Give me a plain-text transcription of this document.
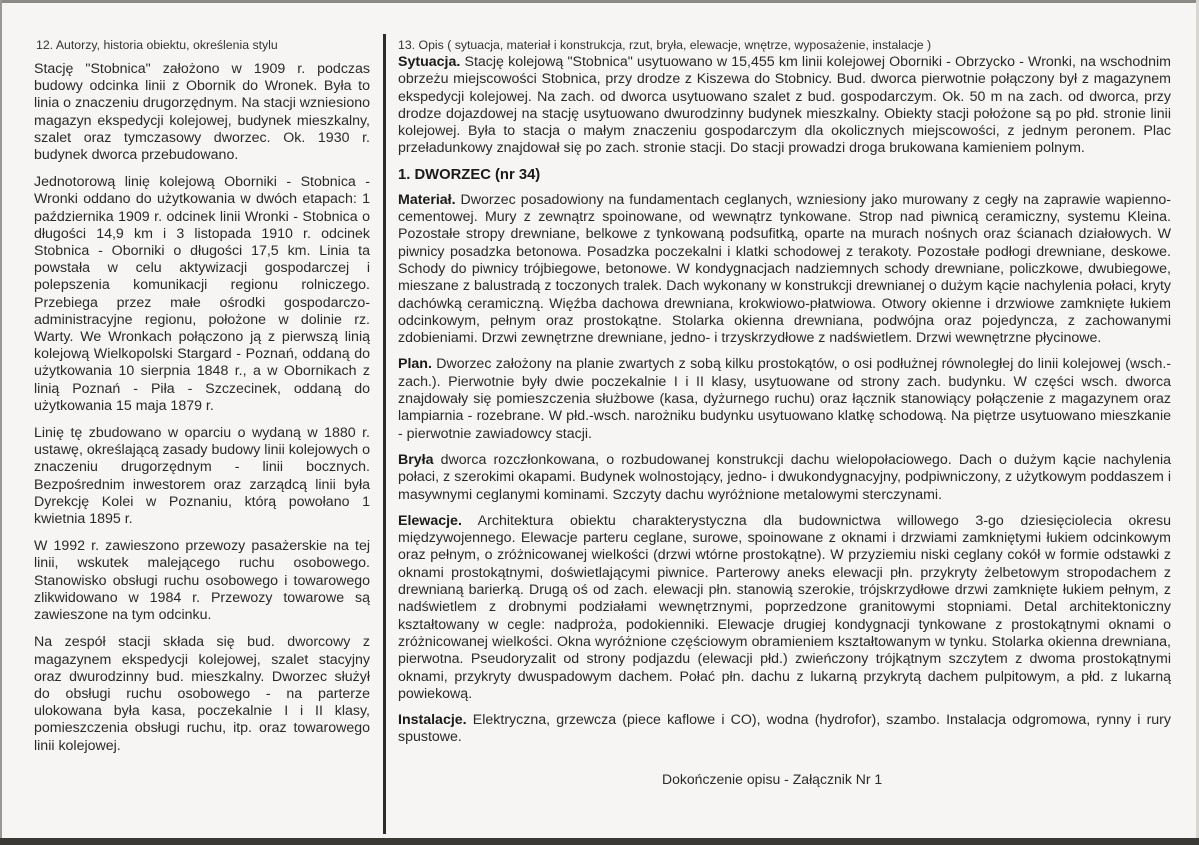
12. Autorzy, historia obiektu, określenia stylu

Stację "Stobnica" założono w 1909 r. podczas budowy odcinka linii z Obornik do Wronek. Była to linia o znaczeniu drugorzędnym. Na stacji wzniesiono magazyn ekspedycji kolejowej, budynek mieszkalny, szalet oraz tymczasowy dworzec. Ok. 1930 r. budynek dworca przebudowano.

Jednotorową linię kolejową Oborniki - Stobnica - Wronki oddano do użytkowania w dwóch etapach: 1 października 1909 r. odcinek linii Wronki - Stobnica o długości 14,9 km i 3 listopada 1910 r. odcinek Stobnica - Oborniki o długości 17,5 km. Linia ta powstała w celu aktywizacji gospodarczej i polepszenia komunikacji regionu rolniczego. Przebiega przez małe ośrodki gospodarczo-administracyjne regionu, położone w dolinie rz. Warty. We Wronkach połączono ją z pierwszą linią kolejową Wielkopolski Stargard - Poznań, oddaną do użytkowania 10 sierpnia 1848 r., a w Obornikach z linią Poznań - Piła - Szczecinek, oddaną do użytkowania 15 maja 1879 r.

Linię tę zbudowano w oparciu o wydaną w 1880 r. ustawę, określającą zasady budowy linii kolejowych o znaczeniu drugorzędnym - linii bocznych. Bezpośrednim inwestorem oraz zarządcą linii była Dyrekcję Kolei w Poznaniu, którą powołano 1 kwietnia 1895 r.

W 1992 r. zawieszono przewozy pasażerskie na tej linii, wskutek malejącego ruchu osobowego. Stanowisko obsługi ruchu osobowego i towarowego zlikwidowano w 1984 r. Przewozy towarowe są zawieszone na tym odcinku.

Na zespół stacji składa się bud. dworcowy z magazynem ekspedycji kolejowej, szalet stacyjny oraz dwurodzinny bud. mieszkalny. Dworzec służył do obsługi ruchu osobowego - na parterze ulokowana była kasa, poczekalnie I i II klasy, pomieszczenia obsługi ruchu, itp. oraz towarowego linii kolejowej.

13. Opis ( sytuacja, materiał i konstrukcja, rzut, bryła, elewacje, wnętrze, wyposażenie, instalacje )

Sytuacja. Stację kolejową "Stobnica" usytuowano w 15,455 km linii kolejowej Oborniki - Obrzycko - Wronki, na wschodnim obrzeżu miejscowości Stobnica, przy drodze z Kiszewa do Stobnicy. Bud. dworca pierwotnie połączony był z magazynem ekspedycji kolejowej. Na zach. od dworca usytuowano szalet z bud. gospodarczym. Ok. 50 m na zach. od dworca, przy drodze dojazdowej na stację usytuowano dwurodzinny budynek mieszkalny. Obiekty stacji położone są po płd. stronie linii kolejowej. Była to stacja o małym znaczeniu gospodarczym dla okolicznych miejscowości, z jednym peronem. Plac przeładunkowy znajdował się po zach. stronie stacji. Do stacji prowadzi droga brukowana kamieniem polnym.

1. DWORZEC (nr 34)

Materiał. Dworzec posadowiony na fundamentach ceglanych, wzniesiony jako murowany z cegły na zaprawie wapienno-cementowej. Mury z zewnątrz spoinowane, od wewnątrz tynkowane. Strop nad piwnicą ceramiczny, systemu Kleina. Pozostałe stropy drewniane, belkowe z tynkowaną podsufitką, oparte na murach nośnych oraz ścianach działowych. W piwnicy posadzka betonowa. Posadzka poczekalni i klatki schodowej z terakoty. Pozostałe podłogi drewniane, deskowe. Schody do piwnicy trójbiegowe, betonowe. W kondygnacjach nadziemnych schody drewniane, policzkowe, dwubiegowe, mieszane z balustradą z toczonych tralek. Dach wykonany w konstrukcji drewnianej o dużym kącie nachylenia połaci, kryty dachówką ceramiczną. Więźba dachowa drewniana, krokwiowo-płatwiowa. Otwory okienne i drzwiowe zamknięte łukiem odcinkowym, pełnym oraz prostokątne. Stolarka okienna drewniana, podwójna oraz pojedyncza, z zachowanymi zdobieniami. Drzwi zewnętrzne drewniane, jedno- i trzyskrzydłowe z nadświetlem. Drzwi wewnętrzne płycinowe.

Plan. Dworzec założony na planie zwartych z sobą kilku prostokątów, o osi podłużnej równoległej do linii kolejowej (wsch.-zach.). Pierwotnie były dwie poczekalnie I i II klasy, usytuowane od strony zach. budynku. W części wsch. dworca znajdowały się pomieszczenia służbowe (kasa, dyżurnego ruchu) oraz łącznik stanowiący połączenie z magazynem oraz lampiarnia - rozebrane. W płd.-wsch. narożniku budynku usytuowano klatkę schodową. Na piętrze usytuowano mieszkanie - pierwotnie zawiadowcy stacji.

Bryła dworca rozczłonkowana, o rozbudowanej konstrukcji dachu wielopołaciowego. Dach o dużym kącie nachylenia połaci, z szerokimi okapami. Budynek wolnostojący, jedno- i dwukondygnacyjny, podpiwniczony, z użytkowym poddaszem i masywnymi ceglanymi kominami. Szczyty dachu wyróżnione metalowymi sterczynami.

Elewacje. Architektura obiektu charakterystyczna dla budownictwa willowego 3-go dziesięciolecia okresu międzywojennego. Elewacje parteru ceglane, surowe, spoinowane z oknami i drzwiami zamkniętymi łukiem odcinkowym oraz pełnym, o zróżnicowanej wielkości (drzwi wtórne prostokątne). W przyziemiu niski ceglany cokół w formie odstawki z oknami prostokątnymi, doświetlającymi piwnice. Parterowy aneks elewacji płn. przykryty żelbetowym stropodachem z drewnianą barierką. Drugą oś od zach. elewacji płn. stanowią szerokie, trójskrzydłowe drzwi zamknięte łukiem pełnym, z nadświetlem z drobnymi podziałami wewnętrznymi, poprzedzone granitowymi stopniami. Detal architektoniczny kształtowany w cegle: nadproża, podokienniki. Elewacje drugiej kondygnacji tynkowane z prostokątnymi oknami o zróżnicowanej wielkości. Okna wyróżnione częściowym obramieniem kształtowanym w tynku. Stolarka okienna drewniana, pierwotna. Pseudoryzalit od strony podjazdu (elewacji płd.) zwieńczony trójkątnym szczytem z dwoma prostokątnymi oknami, przykryty dwuspadowym dachem. Połać płn. dachu z lukarną przykrytą dachem pulpitowym, a płd. z lukarną powiekową.

Instalacje. Elektryczna, grzewcza (piece kaflowe i CO), wodna (hydrofor), szambo. Instalacja odgromowa, rynny i rury spustowe.

Dokończenie opisu - Załącznik Nr 1
